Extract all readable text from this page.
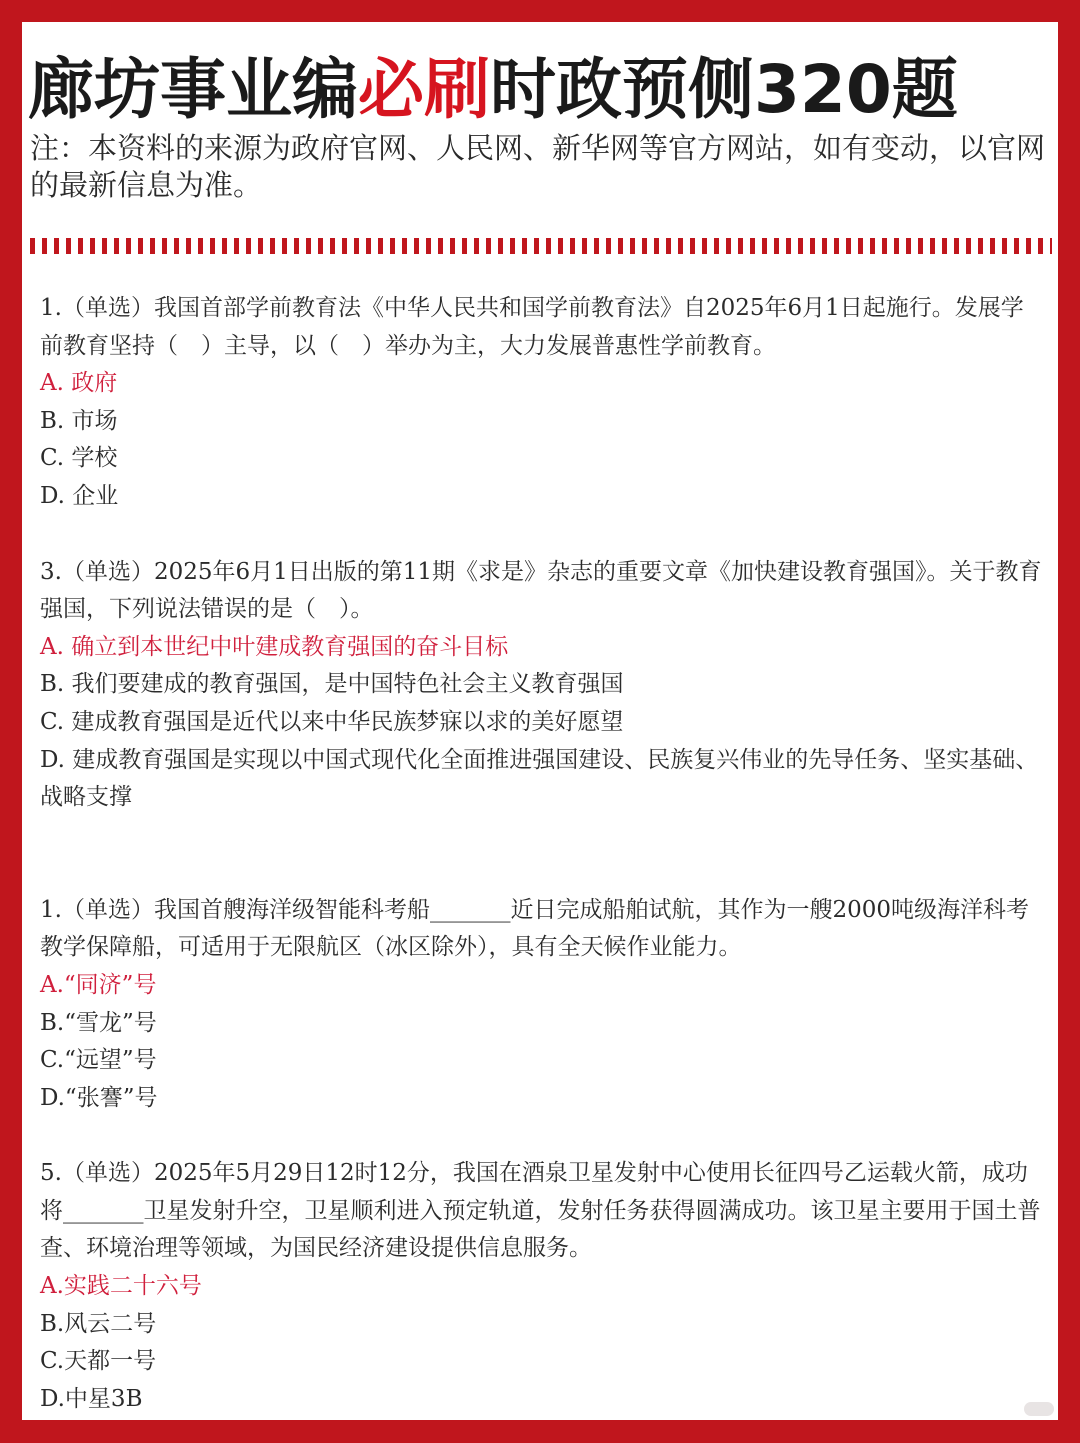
廊坊事业编必刷时政预侧320题

注：本资料的来源为政府官网、人民网、新华网等官方网站，如有变动，以官网的最新信息为准。

1.（单选）我国首部学前教育法《中华人民共和国学前教育法》自2025年6月1日起施行。发展学前教育坚持（　）主导，以（　）举办为主，大力发展普惠性学前教育。

A. 政府

B. 市场

C. 学校

D. 企业

3.（单选）2025年6月1日出版的第11期《求是》杂志的重要文章《加快建设教育强国》。关于教育强国，下列说法错误的是（　）。

A. 确立到本世纪中叶建成教育强国的奋斗目标

B. 我们要建成的教育强国，是中国特色社会主义教育强国

C. 建成教育强国是近代以来中华民族梦寐以求的美好愿望

D. 建成教育强国是实现以中国式现代化全面推进强国建设、民族复兴伟业的先导任务、坚实基础、战略支撑

1.（单选）我国首艘海洋级智能科考船_______近日完成船舶试航，其作为一艘2000吨级海洋科考教学保障船，可适用于无限航区（冰区除外），具有全天候作业能力。

A.“同济”号

B.“雪龙”号

C.“远望”号

D.“张謇”号

5.（单选）2025年5月29日12时12分，我国在酒泉卫星发射中心使用长征四号乙运载火箭，成功将_______卫星发射升空，卫星顺利进入预定轨道，发射任务获得圆满成功。该卫星主要用于国土普查、环境治理等领域，为国民经济建设提供信息服务。

A.实践二十六号

B.风云二号

C.天都一号

D.中星3B
